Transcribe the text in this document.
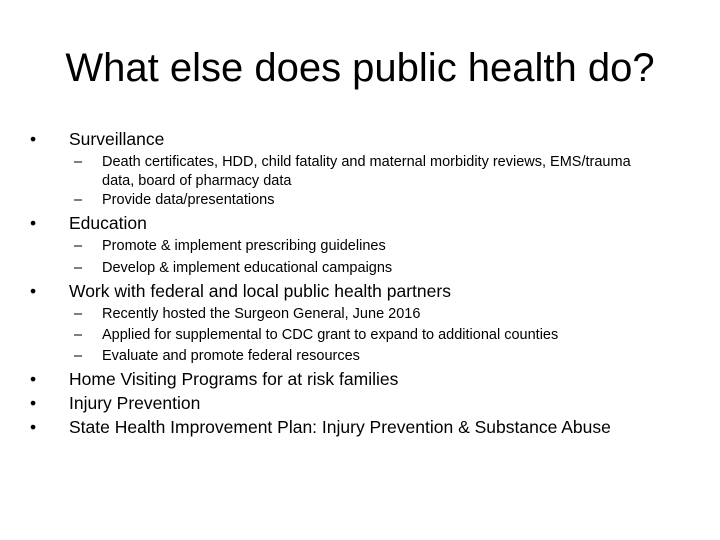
What else does public health do?
•	Surveillance
–	Death certificates, HDD, child fatality and maternal morbidity reviews, EMS/trauma data, board of pharmacy data
–	Provide data/presentations
•	Education
–	Promote & implement prescribing guidelines
–	Develop & implement educational campaigns
•	Work with federal and local public health partners
–	Recently hosted the Surgeon General, June 2016
–	Applied for supplemental to CDC grant to expand to additional counties
–	Evaluate and promote federal resources
•	Home Visiting Programs for at risk families
•	Injury Prevention
•	State Health Improvement Plan: Injury Prevention & Substance Abuse
